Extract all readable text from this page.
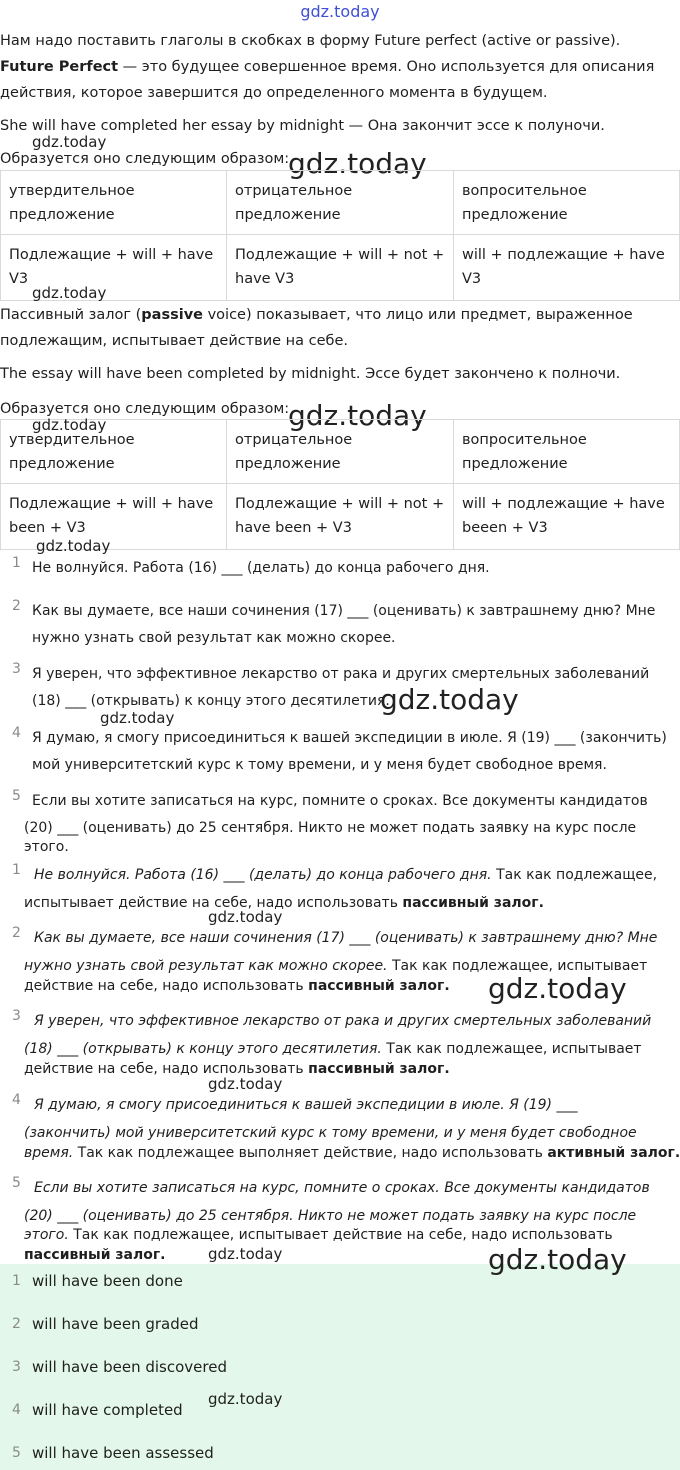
gdz.today
Нам надо поставить глаголы в скобках в форму Future perfect (active or passive).
Future Perfect — это будущее совершенное время. Оно используется для описания
действия, которое завершится до определенного момента в будущем.
She will have completed her essay by midnight — Она закончит эссе к полуночи.
Образуется оно следующим образом:
gdz.today
gdz.today
утвердительное предложение	отрицательное предложение	вопросительное предложение
Подлежащие + will + have V3	Подлежащие + will + not + have V3	will + подлежащие + have V3
gdz.today
Пассивный залог (passive voice) показывает, что лицо или предмет, выраженное
подлежащим, испытывает действие на себе.
The essay will have been completed by midnight. Эссе будет закончено к полночи.
Образуется оно следующим образом:
gdz.today
утвердительное предложение	отрицательное предложение	вопросительное предложение
Подлежащие + will + have been + V3	Подлежащие + will + not + have been + V3	will + подлежащие + have beeen + V3
gdz.today
gdz.today
1 Не волнуйся. Работа (16) ___ (делать) до конца рабочего дня.
2 Как вы думаете, все наши сочинения (17) ___ (оценивать) к завтрашнему дню? Мне
нужно узнать свой результат как можно скорее.
3 Я уверен, что эффективное лекарство от рака и других смертельных заболеваний
(18) ___ (открывать) к концу этого десятилетия.
4 Я думаю, я смогу присоединиться к вашей экспедиции в июле. Я (19) ___ (закончить)
мой университетский курс к тому времени, и у меня будет свободное время.
5 Если вы хотите записаться на курс, помните о сроках. Все документы кандидатов
(20) ___ (оценивать) до 25 сентября. Никто не может подать заявку на курс после
этого.
gdz.today
gdz.today
1 Не волнуйся. Работа (16) ___ (делать) до конца рабочего дня. Так как подлежащее,
испытывает действие на себе, надо использовать пассивный залог.
2 Как вы думаете, все наши сочинения (17) ___ (оценивать) к завтрашнему дню? Мне
нужно узнать свой результат как можно скорее. Так как подлежащее, испытывает
действие на себе, надо использовать пассивный залог.
3 Я уверен, что эффективное лекарство от рака и других смертельных заболеваний
(18) ___ (открывать) к концу этого десятилетия. Так как подлежащее, испытывает
действие на себе, надо использовать пассивный залог.
4 Я думаю, я смогу присоединиться к вашей экспедиции в июле. Я (19) ___
(закончить) мой университетский курс к тому времени, и у меня будет свободное
время. Так как подлежащее выполняет действие, надо использовать активный залог.
5 Если вы хотите записаться на курс, помните о сроках. Все документы кандидатов
(20) ___ (оценивать) до 25 сентября. Никто не может подать заявку на курс после
этого. Так как подлежащее, испытывает действие на себе, надо использовать
пассивный залог.
gdz.today
gdz.today
gdz.today
gdz.today	gdz.today
1 will have been done
2 will have been graded
3 will have been discovered
4 will have completed
5 will have been assessed
gdz.today
